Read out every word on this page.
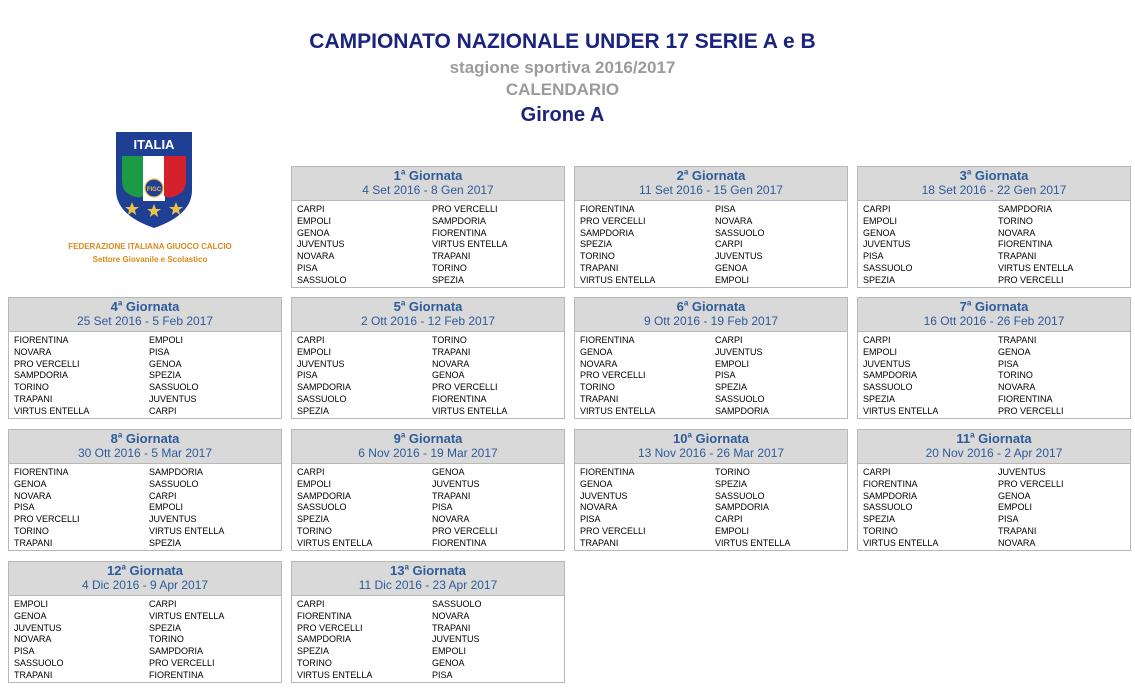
CAMPIONATO NAZIONALE UNDER 17 SERIE A e B
stagione sportiva 2016/2017
CALENDARIO
Girone A
ITALIA
FIGC
FEDERAZIONE ITALIANA GIUOCO CALCIO
Settore Giovanile e Scolastico
1$^a$ Giornata
4 Set 2016 - 8 Gen 2017
CARPI	PRO VERCELLI
EMPOLI	SAMPDORIA
GENOA	FIORENTINA
JUVENTUS	VIRTUS ENTELLA
NOVARA	TRAPANI
PISA	TORINO
SASSUOLO	SPEZIA
2$^a$ Giornata
11 Set 2016 - 15 Gen 2017
FIORENTINA	PISA
PRO VERCELLI	NOVARA
SAMPDORIA	SASSUOLO
SPEZIA	CARPI
TORINO	JUVENTUS
TRAPANI	GENOA
VIRTUS ENTELLA	EMPOLI
3$^a$ Giornata
18 Set 2016 - 22 Gen 2017
CARPI	SAMPDORIA
EMPOLI	TORINO
GENOA	NOVARA
JUVENTUS	FIORENTINA
PISA	TRAPANI
SASSUOLO	VIRTUS ENTELLA
SPEZIA	PRO VERCELLI
4$^a$ Giornata
25 Set 2016 - 5 Feb 2017
FIORENTINA	EMPOLI
NOVARA	PISA
PRO VERCELLI	GENOA
SAMPDORIA	SPEZIA
TORINO	SASSUOLO
TRAPANI	JUVENTUS
VIRTUS ENTELLA	CARPI
5$^a$ Giornata
2 Ott 2016 - 12 Feb 2017
CARPI	TORINO
EMPOLI	TRAPANI
JUVENTUS	NOVARA
PISA	GENOA
SAMPDORIA	PRO VERCELLI
SASSUOLO	FIORENTINA
SPEZIA	VIRTUS ENTELLA
6$^a$ Giornata
9 Ott 2016 - 19 Feb 2017
FIORENTINA	CARPI
GENOA	JUVENTUS
NOVARA	EMPOLI
PRO VERCELLI	PISA
TORINO	SPEZIA
TRAPANI	SASSUOLO
VIRTUS ENTELLA	SAMPDORIA
7$^a$ Giornata
16 Ott 2016 - 26 Feb 2017
CARPI	TRAPANI
EMPOLI	GENOA
JUVENTUS	PISA
SAMPDORIA	TORINO
SASSUOLO	NOVARA
SPEZIA	FIORENTINA
VIRTUS ENTELLA	PRO VERCELLI
8$^a$ Giornata
30 Ott 2016 - 5 Mar 2017
FIORENTINA	SAMPDORIA
GENOA	SASSUOLO
NOVARA	CARPI
PISA	EMPOLI
PRO VERCELLI	JUVENTUS
TORINO	VIRTUS ENTELLA
TRAPANI	SPEZIA
9$^a$ Giornata
6 Nov 2016 - 19 Mar 2017
CARPI	GENOA
EMPOLI	JUVENTUS
SAMPDORIA	TRAPANI
SASSUOLO	PISA
SPEZIA	NOVARA
TORINO	PRO VERCELLI
VIRTUS ENTELLA	FIORENTINA
10$^a$ Giornata
13 Nov 2016 - 26 Mar 2017
FIORENTINA	TORINO
GENOA	SPEZIA
JUVENTUS	SASSUOLO
NOVARA	SAMPDORIA
PISA	CARPI
PRO VERCELLI	EMPOLI
TRAPANI	VIRTUS ENTELLA
11$^a$ Giornata
20 Nov 2016 - 2 Apr 2017
CARPI	JUVENTUS
FIORENTINA	PRO VERCELLI
SAMPDORIA	GENOA
SASSUOLO	EMPOLI
SPEZIA	PISA
TORINO	TRAPANI
VIRTUS ENTELLA	NOVARA
12$^a$ Giornata
4 Dic 2016 - 9 Apr 2017
EMPOLI	CARPI
GENOA	VIRTUS ENTELLA
JUVENTUS	SPEZIA
NOVARA	TORINO
PISA	SAMPDORIA
SASSUOLO	PRO VERCELLI
TRAPANI	FIORENTINA
13$^a$ Giornata
11 Dic 2016 - 23 Apr 2017
CARPI	SASSUOLO
FIORENTINA	NOVARA
PRO VERCELLI	TRAPANI
SAMPDORIA	JUVENTUS
SPEZIA	EMPOLI
TORINO	GENOA
VIRTUS ENTELLA	PISA
